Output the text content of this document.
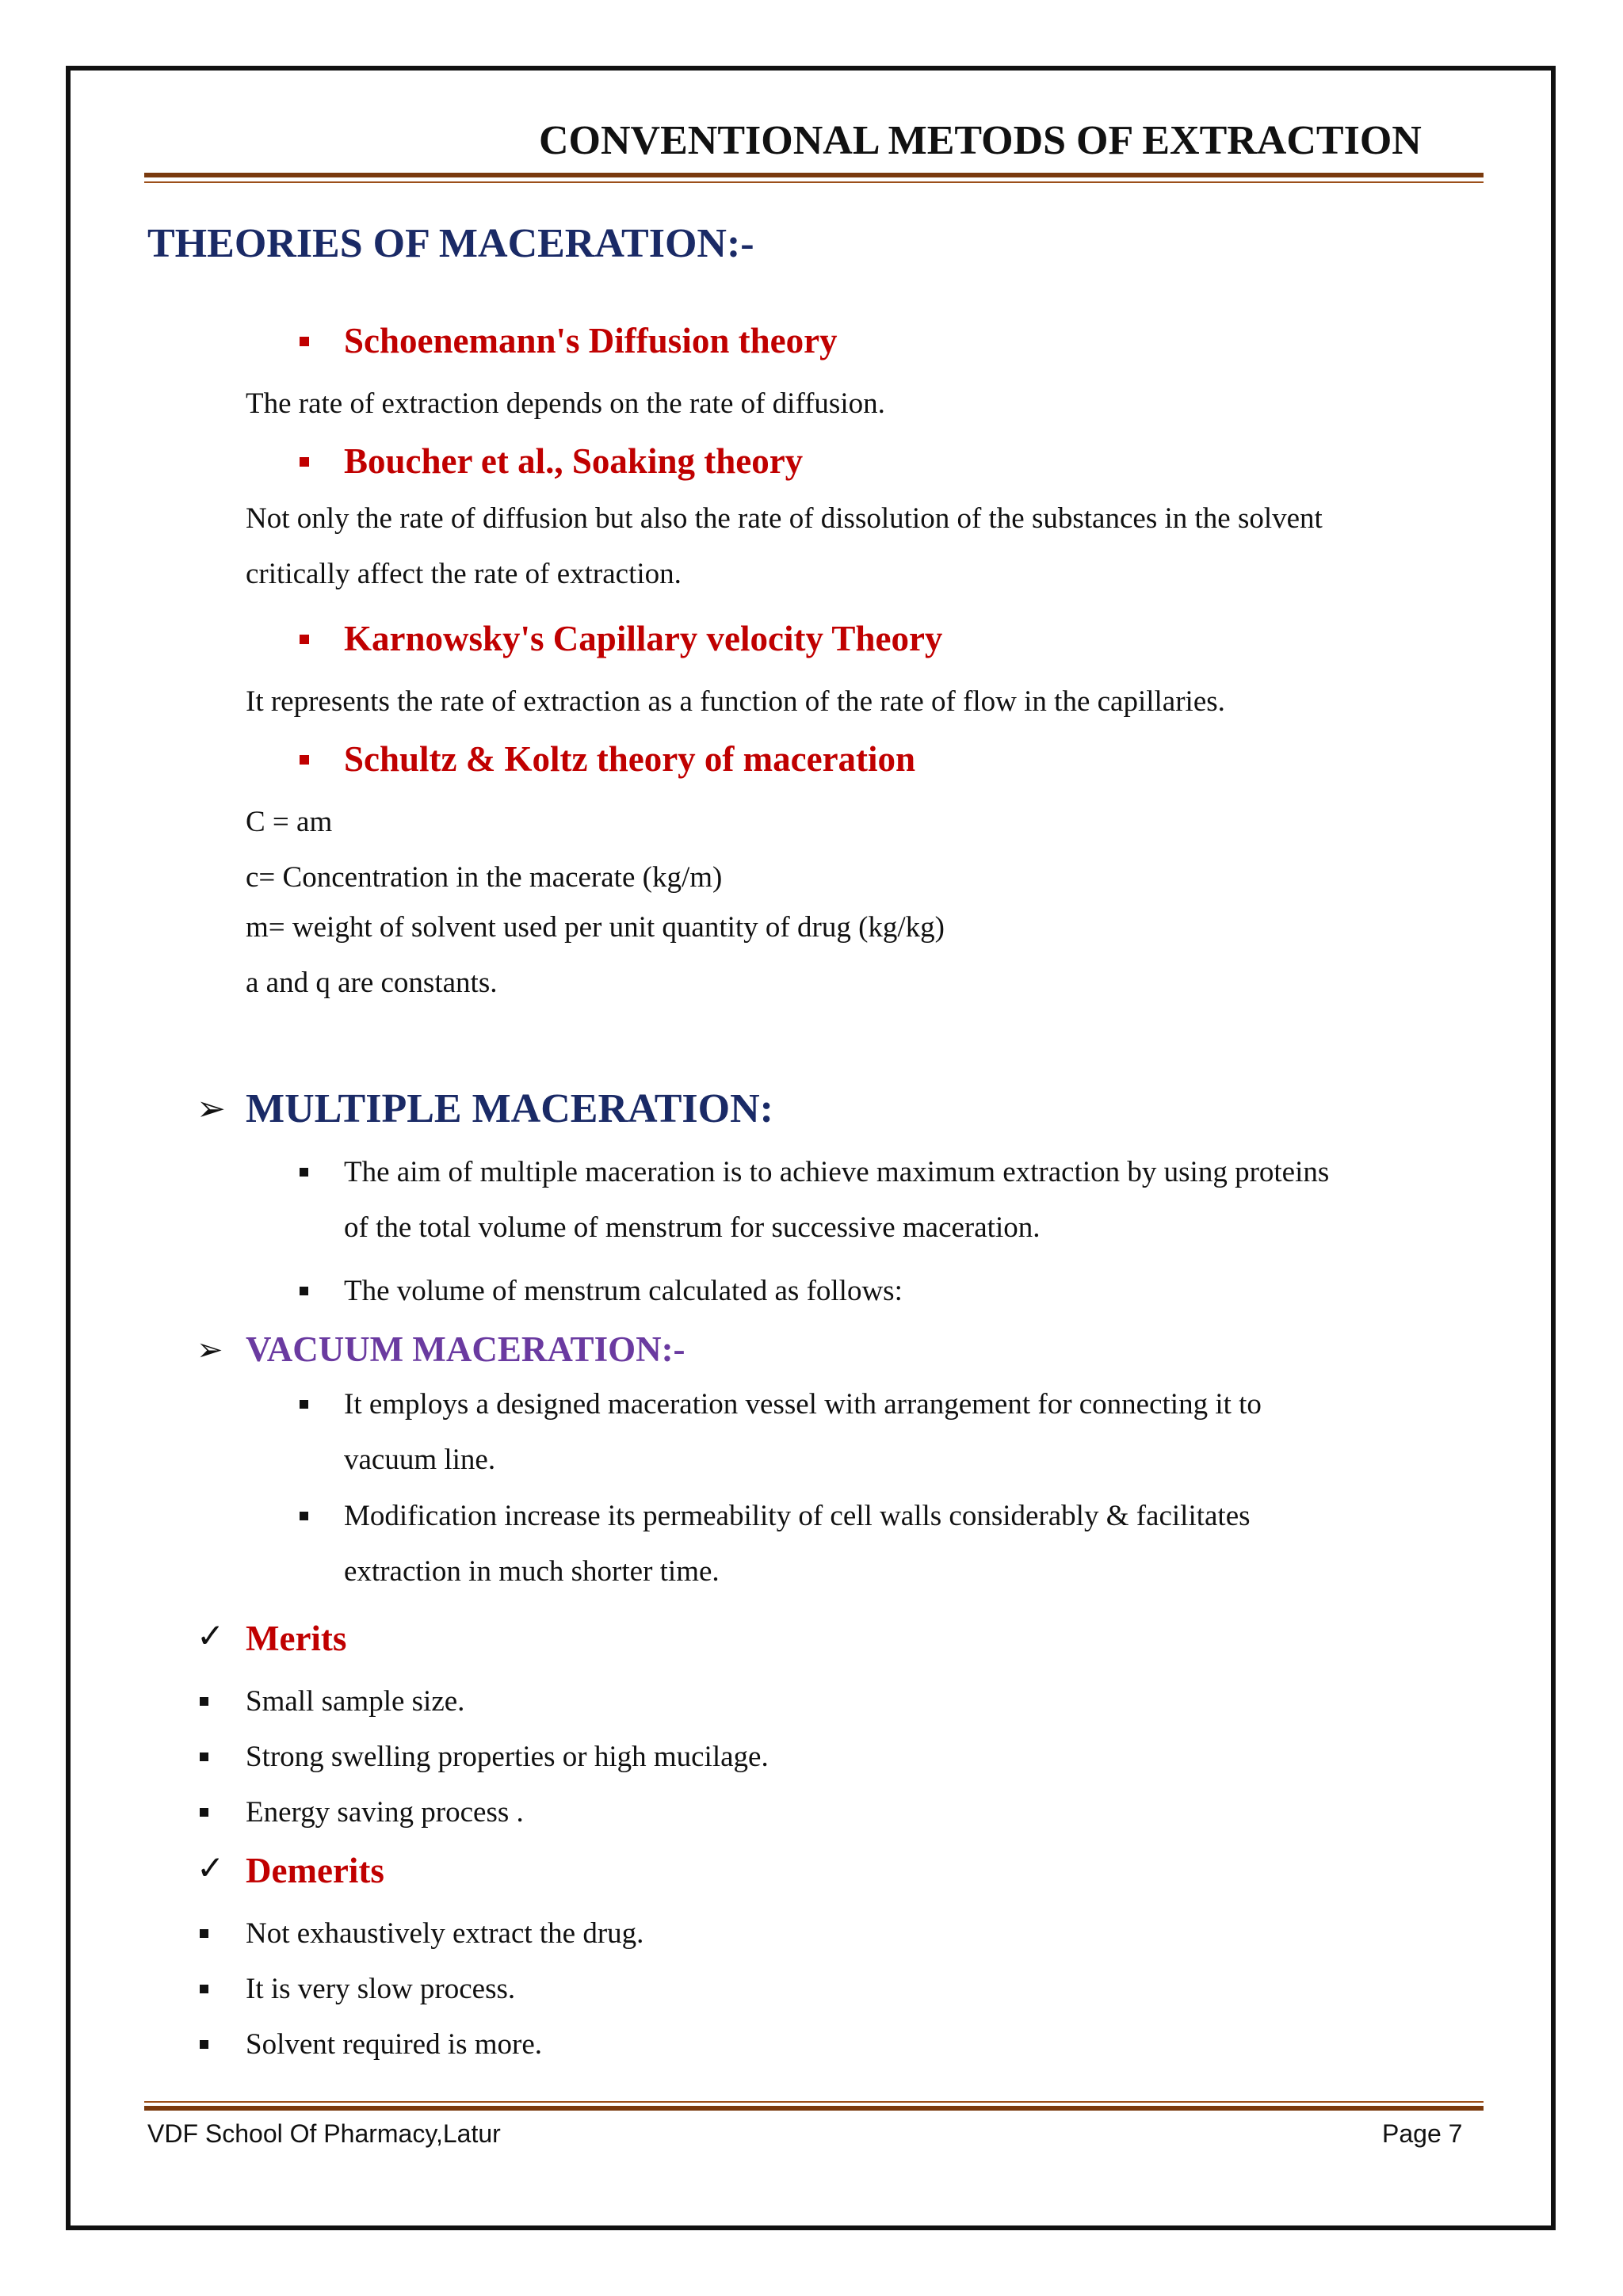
CONVENTIONAL METODS OF EXTRACTION
THEORIES OF MACERATION:-
Schoenemann's Diffusion theory
The rate of extraction depends on the rate of diffusion.
Boucher et al., Soaking theory
Not only the rate of diffusion but also the rate of dissolution of the substances in the solvent
critically affect the rate of extraction.
Karnowsky's Capillary velocity Theory
It represents the rate of extraction as a function of the rate of flow in the capillaries.
Schultz & Koltz theory of maceration
C = am
c= Concentration in the macerate (kg/m)
m= weight of solvent used per unit quantity of drug (kg/kg)
a and q are constants.
➢ MULTIPLE MACERATION:
The aim of multiple maceration is to achieve maximum extraction by using proteins
of the total volume of menstrum for successive maceration.
The volume of menstrum calculated as follows:
➢ VACUUM MACERATION:-
It employs a designed maceration vessel with arrangement for connecting it to
vacuum line.
Modification increase its permeability of cell walls considerably & facilitates
extraction in much shorter time.
✓ Merits
Small sample size.
Strong swelling properties or high mucilage.
Energy saving process .
✓ Demerits
Not exhaustively extract the drug.
It is very slow process.
Solvent required is more.
VDF School Of Pharmacy,Latur	Page 7
